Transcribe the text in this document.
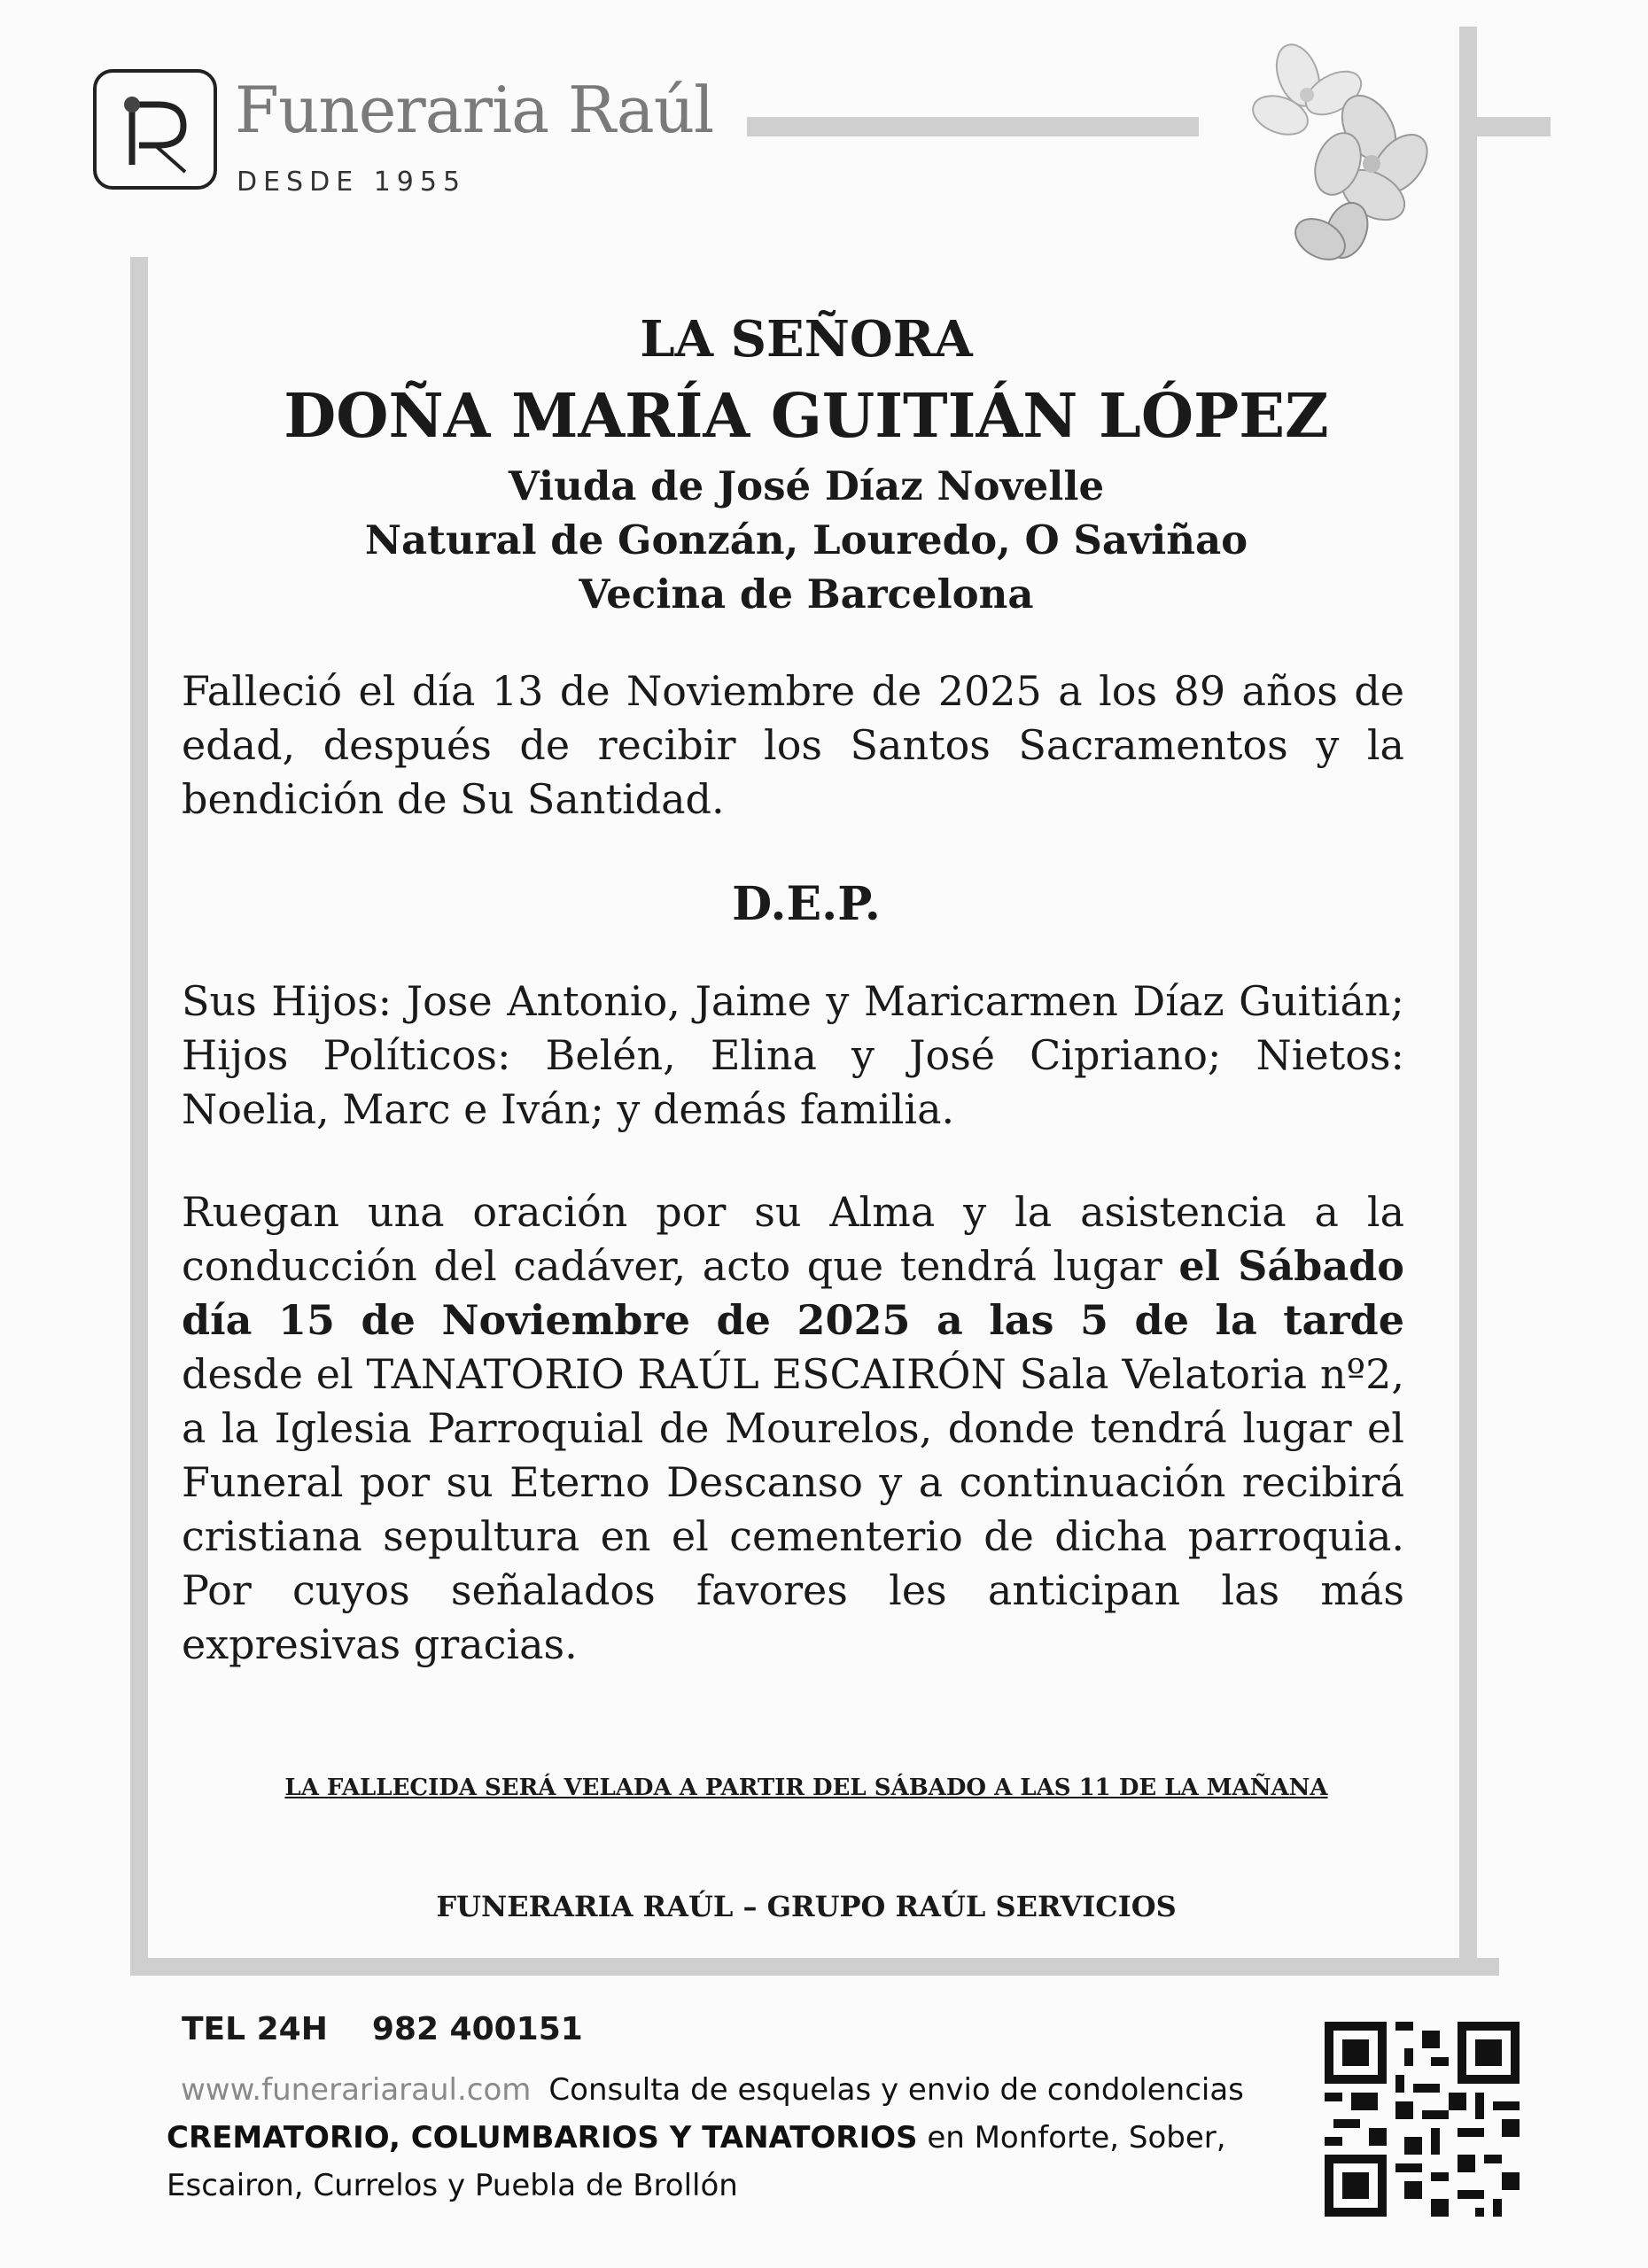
Funeraria Raúl
DESDE 1955
LA SEÑORA
DOÑA MARÍA GUITIÁN LÓPEZ
Viuda de José Díaz Novelle
Natural de Gonzán, Louredo, O Saviñao
Vecina de Barcelona
Falleció el día 13 de Noviembre de 2025 a los 89 años de edad, después de recibir los Santos Sacramentos y la bendición de Su Santidad.
D.E.P.
Sus Hijos: Jose Antonio, Jaime y Maricarmen Díaz Guitián; Hijos Políticos: Belén, Elina y José Cipriano; Nietos: Noelia, Marc e Iván; y demás familia.
Ruegan una oración por su Alma y la asistencia a la conducción del cadáver, acto que tendrá lugar el Sábado día 15 de Noviembre de 2025 a las 5 de la tarde desde el TANATORIO RAÚL ESCAIRÓN Sala Velatoria nº2, a la Iglesia Parroquial de Mourelos, donde tendrá lugar el Funeral por su Eterno Descanso y a continuación recibirá cristiana sepultura en el cementerio de dicha parroquia. Por cuyos señalados favores les anticipan las más expresivas gracias.
LA FALLECIDA SERÁ VELADA A PARTIR DEL SÁBADO A LAS 11 DE LA MAÑANA
FUNERARIA RAÚL – GRUPO RAÚL SERVICIOS
TEL 24H 982 400151
www.funerariaraul.com Consulta de esquelas y envio de condolencias CREMATORIO, COLUMBARIOS Y TANATORIOS en Monforte, Sober, Escairon, Currelos y Puebla de Brollón
